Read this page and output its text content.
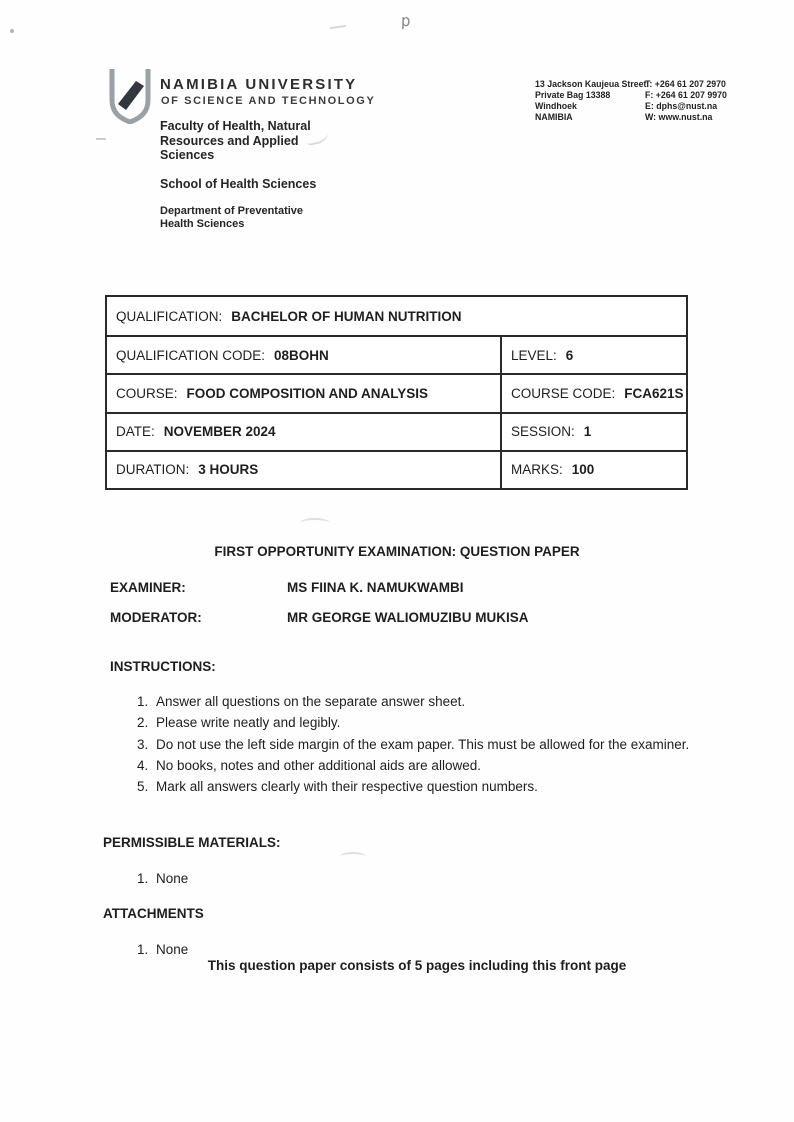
p
NAMIBIA UNIVERSITY
OF SCIENCE AND TECHNOLOGY
Faculty of Health, Natural
Resources and Applied
Sciences
School of Health Sciences
Department of Preventative
Health Sciences
13 Jackson Kaujeua Street
Private Bag 13388
Windhoek
NAMIBIA
T: +264 61 207 2970
F: +264 61 207 9970
E: dphs@nust.na
W: www.nust.na
QUALIFICATION: BACHELOR OF HUMAN NUTRITION
QUALIFICATION CODE: 08BOHN	LEVEL: 6
COURSE: FOOD COMPOSITION AND ANALYSIS	COURSE CODE: FCA621S
DATE: NOVEMBER 2024	SESSION: 1
DURATION: 3 HOURS	MARKS: 100
FIRST OPPORTUNITY EXAMINATION: QUESTION PAPER
EXAMINER:	MS FIINA K. NAMUKWAMBI
MODERATOR:	MR GEORGE WALIOMUZIBU MUKISA
INSTRUCTIONS:
1. Answer all questions on the separate answer sheet.
2. Please write neatly and legibly.
3. Do not use the left side margin of the exam paper. This must be allowed for the examiner.
4. No books, notes and other additional aids are allowed.
5. Mark all answers clearly with their respective question numbers.
PERMISSIBLE MATERIALS:
1. None
ATTACHMENTS
1. None
This question paper consists of 5 pages including this front page
